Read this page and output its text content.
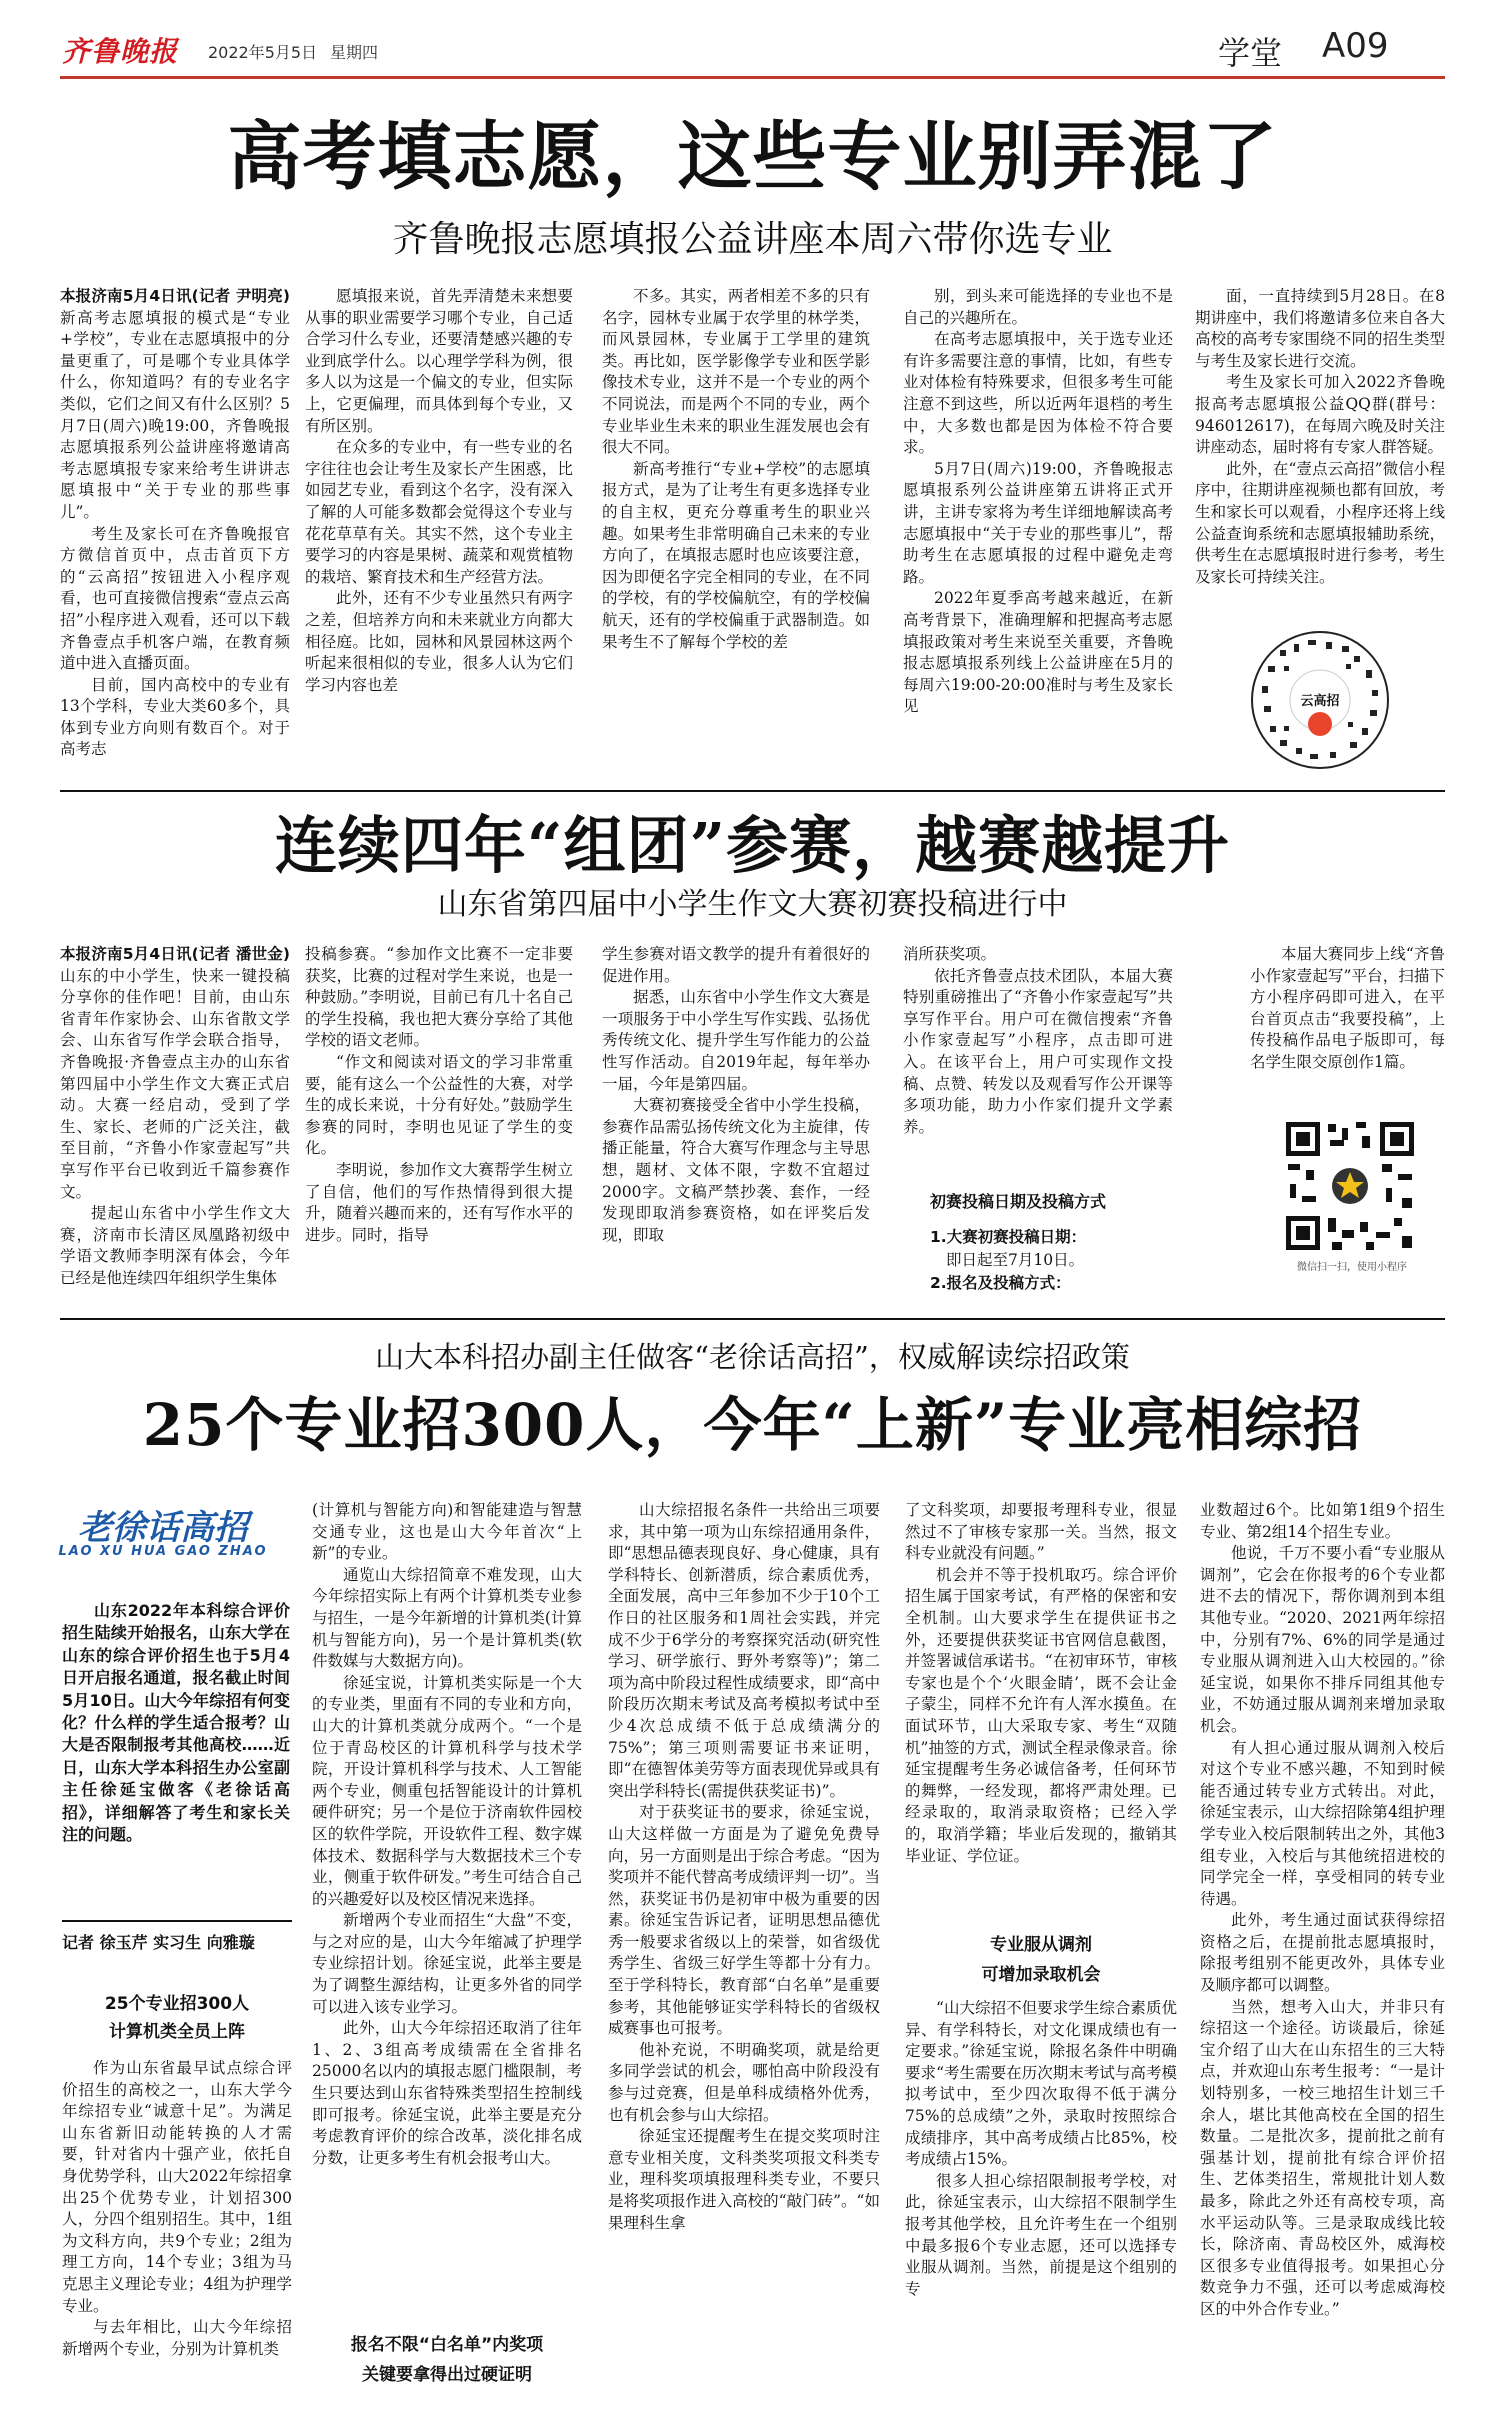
齐鲁晚报 2022年5月5日 星期四	学堂 A09
高考填志愿，这些专业别弄混了
齐鲁晚报志愿填报公益讲座本周六带你选专业

本报济南5月4日讯(记者 尹明亮)新高考志愿填报的模式是“专业+学校”，专业在志愿填报中的分量更重了，可是哪个专业具体学什么，你知道吗？有的专业名字类似，它们之间又有什么区别？5月7日(周六)晚19:00，齐鲁晚报志愿填报系列公益讲座将邀请高考志愿填报专家来给考生讲讲志愿填报中“关于专业的那些事儿”。

考生及家长可在齐鲁晚报官方微信首页中，点击首页下方的“云高招”按钮进入小程序观看，也可直接微信搜索“壹点云高招”小程序进入观看，还可以下载齐鲁壹点手机客户端，在教育频道中进入直播页面。

目前，国内高校中的专业有13个学科，专业大类60多个，具体到专业方向则有数百个。对于高考志

愿填报来说，首先弄清楚未来想要从事的职业需要学习哪个专业，自己适合学习什么专业，还要清楚感兴趣的专业到底学什么。以心理学学科为例，很多人以为这是一个偏文的专业，但实际上，它更偏理，而具体到每个专业，又有所区别。

在众多的专业中，有一些专业的名字往往也会让考生及家长产生困惑，比如园艺专业，看到这个名字，没有深入了解的人可能多数都会觉得这个专业与花花草草有关。其实不然，这个专业主要学习的内容是果树、蔬菜和观赏植物的栽培、繁育技术和生产经营方法。

此外，还有不少专业虽然只有两字之差，但培养方向和未来就业方向都大相径庭。比如，园林和风景园林这两个听起来很相似的专业，很多人认为它们学习内容也差

不多。其实，两者相差不多的只有名字，园林专业属于农学里的林学类，而风景园林，专业属于工学里的建筑类。再比如，医学影像学专业和医学影像技术专业，这并不是一个专业的两个不同说法，而是两个不同的专业，两个专业毕业生未来的职业生涯发展也会有很大不同。

新高考推行“专业+学校”的志愿填报方式，是为了让考生有更多选择专业的自主权，更充分尊重考生的职业兴趣。如果考生非常明确自己未来的专业方向了，在填报志愿时也应该要注意，因为即便名字完全相同的专业，在不同的学校，有的学校偏航空，有的学校偏航天，还有的学校偏重于武器制造。如果考生不了解每个学校的差

别，到头来可能选择的专业也不是自己的兴趣所在。

在高考志愿填报中，关于选专业还有许多需要注意的事情，比如，有些专业对体检有特殊要求，但很多考生可能注意不到这些，所以近两年退档的考生中，大多数也都是因为体检不符合要求。

5月7日(周六)19:00，齐鲁晚报志愿填报系列公益讲座第五讲将正式开讲，主讲专家将为考生详细地解读高考志愿填报中“关于专业的那些事儿”，帮助考生在志愿填报的过程中避免走弯路。

2022年夏季高考越来越近，在新高考背景下，准确理解和把握高考志愿填报政策对考生来说至关重要，齐鲁晚报志愿填报系列线上公益讲座在5月的每周六19:00-20:00准时与考生及家长见

面，一直持续到5月28日。在8期讲座中，我们将邀请多位来自各大高校的高考专家围绕不同的招生类型与考生及家长进行交流。

考生及家长可加入2022齐鲁晚报高考志愿填报公益QQ群(群号：946012617)，在每周六晚及时关注讲座动态，届时将有专家人群答疑。

此外，在“壹点云高招”微信小程序中，往期讲座视频也都有回放，考生和家长可以观看，小程序还将上线公益查询系统和志愿填报辅助系统，供考生在志愿填报时进行参考，考生及家长可持续关注。

云高招
连续四年“组团”参赛，越赛越提升
山东省第四届中小学生作文大赛初赛投稿进行中

本报济南5月4日讯(记者 潘世金)山东的中小学生，快来一键投稿分享你的佳作吧！目前，由山东省青年作家协会、山东省散文学会、山东省写作学会联合指导，齐鲁晚报·齐鲁壹点主办的山东省第四届中小学生作文大赛正式启动。大赛一经启动，受到了学生、家长、老师的广泛关注，截至目前，“齐鲁小作家壹起写”共享写作平台已收到近千篇参赛作文。

提起山东省中小学生作文大赛，济南市长清区凤凰路初级中学语文教师李明深有体会，今年已经是他连续四年组织学生集体

投稿参赛。“参加作文比赛不一定非要获奖，比赛的过程对学生来说，也是一种鼓励。”李明说，目前已有几十名自己的学生投稿，我也把大赛分享给了其他学校的语文老师。

“作文和阅读对语文的学习非常重要，能有这么一个公益性的大赛，对学生的成长来说，十分有好处。”鼓励学生参赛的同时，李明也见证了学生的变化。

李明说，参加作文大赛帮学生树立了自信，他们的写作热情得到很大提升，随着兴趣而来的，还有写作水平的进步。同时，指导

学生参赛对语文教学的提升有着很好的促进作用。

据悉，山东省中小学生作文大赛是一项服务于中小学生写作实践、弘扬优秀传统文化、提升学生写作能力的公益性写作活动。自2019年起，每年举办一届，今年是第四届。

大赛初赛接受全省中小学生投稿，参赛作品需弘扬传统文化为主旋律，传播正能量，符合大赛写作理念与主导思想，题材、文体不限，字数不宜超过2000字。文稿严禁抄袭、套作，一经发现即取消参赛资格，如在评奖后发现，即取

消所获奖项。

依托齐鲁壹点技术团队，本届大赛特别重磅推出了“齐鲁小作家壹起写”共享写作平台。用户可在微信搜索“齐鲁小作家壹起写”小程序，点击即可进入。在该平台上，用户可实现作文投稿、点赞、转发以及观看写作公开课等多项功能，助力小作家们提升文学素养。

初赛投稿日期及投稿方式
1.大赛初赛投稿日期：
即日起至7月10日。
2.报名及投稿方式：

本届大赛同步上线“齐鲁小作家壹起写”平台，扫描下方小程序码即可进入，在平台首页点击“我要投稿”，上传投稿作品电子版即可，每名学生限交原创作1篇。

微信扫一扫，使用小程序
山大本科招办副主任做客“老徐话高招”，权威解读综招政策
25个专业招300人，今年“上新”专业亮相综招
老徐话高招
LAO XU HUA GAO ZHAO
山东2022年本科综合评价招生陆续开始报名，山东大学在山东的综合评价招生也于5月4日开启报名通道，报名截止时间5月10日。山大今年综招有何变化？什么样的学生适合报考？山大是否限制报考其他高校……近日，山东大学本科招生办公室副主任徐延宝做客《老徐话高招》，详细解答了考生和家长关注的问题。
记者 徐玉芹 实习生 向雅璇
25个专业招300人
计算机类全员上阵

作为山东省最早试点综合评价招生的高校之一，山东大学今年综招专业“诚意十足”。为满足山东省新旧动能转换的人才需要，针对省内十强产业，依托自身优势学科，山大2022年综招拿出25个优势专业，计划招300人，分四个组别招生。其中，1组为文科方向，共9个专业；2组为理工方向，14个专业；3组为马克思主义理论专业；4组为护理学专业。

与去年相比，山大今年综招新增两个专业，分别为计算机类

(计算机与智能方向)和智能建造与智慧交通专业，这也是山大今年首次“上新”的专业。

通览山大综招简章不难发现，山大今年综招实际上有两个计算机类专业参与招生，一是今年新增的计算机类(计算机与智能方向)，另一个是计算机类(软件数媒与大数据方向)。

徐延宝说，计算机类实际是一个大的专业类，里面有不同的专业和方向，山大的计算机类就分成两个。“一个是位于青岛校区的计算机科学与技术学院，开设计算机科学与技术、人工智能两个专业，侧重包括智能设计的计算机硬件研究；另一个是位于济南软件园校区的软件学院，开设软件工程、数字媒体技术、数据科学与大数据技术三个专业，侧重于软件研发。”考生可结合自己的兴趣爱好以及校区情况来选择。

新增两个专业而招生“大盘”不变，与之对应的是，山大今年缩减了护理学专业综招计划。徐延宝说，此举主要是为了调整生源结构，让更多外省的同学可以进入该专业学习。

此外，山大今年综招还取消了往年1、2、3组高考成绩需在全省排名25000名以内的填报志愿门槛限制，考生只要达到山东省特殊类型招生控制线即可报考。徐延宝说，此举主要是充分考虑教育评价的综合改革，淡化排名成分数，让更多考生有机会报考山大。

报名不限“白名单”内奖项
关键要拿得出过硬证明

山大综招报名条件一共给出三项要求，其中第一项为山东综招通用条件，即“思想品德表现良好、身心健康，具有学科特长、创新潜质，综合素质优秀，全面发展，高中三年参加不少于10个工作日的社区服务和1周社会实践，并完成不少于6学分的考察探究活动(研究性学习、研学旅行、野外考察等)”；第二项为高中阶段过程性成绩要求，即“高中阶段历次期末考试及高考模拟考试中至少4次总成绩不低于总成绩满分的75%”；第三项则需要证书来证明，即“在德智体美劳等方面表现优异或具有突出学科特长(需提供获奖证书)”。

对于获奖证书的要求，徐延宝说，山大这样做一方面是为了避免免费导向，另一方面则是出于综合考虑。“因为奖项并不能代替高考成绩评判一切”。当然，获奖证书仍是初审中极为重要的因素。徐延宝告诉记者，证明思想品德优秀一般要求省级以上的荣誉，如省级优秀学生、省级三好学生等都十分有力。至于学科特长，教育部“白名单”是重要参考，其他能够证实学科特长的省级权威赛事也可报考。

他补充说，不明确奖项，就是给更多同学尝试的机会，哪怕高中阶段没有参与过竞赛，但是单科成绩格外优秀，也有机会参与山大综招。

徐延宝还提醒考生在提交奖项时注意专业相关度，文科类奖项报文科类专业，理科奖项填报理科类专业，不要只是将奖项报作进入高校的“敲门砖”。“如果理科生拿

了文科奖项，却要报考理科专业，很显然过不了审核专家那一关。当然，报文科专业就没有问题。”

机会并不等于投机取巧。综合评价招生属于国家考试，有严格的保密和安全机制。山大要求学生在提供证书之外，还要提供获奖证书官网信息截图，并签署诚信承诺书。“在初审环节，审核专家也是个个‘火眼金睛’，既不会让金子蒙尘，同样不允许有人浑水摸鱼。在面试环节，山大采取专家、考生“双随机”抽签的方式，测试全程录像录音。徐延宝提醒考生务必诚信备考，任何环节的舞弊，一经发现，都将严肃处理。已经录取的，取消录取资格；已经入学的，取消学籍；毕业后发现的，撤销其毕业证、学位证。

专业服从调剂
可增加录取机会

“山大综招不但要求学生综合素质优异、有学科特长，对文化课成绩也有一定要求。”徐延宝说，除报名条件中明确要求“考生需要在历次期末考试与高考模拟考试中，至少四次取得不低于满分75%的总成绩”之外，录取时按照综合成绩排序，其中高考成绩占比85%，校考成绩占15%。

很多人担心综招限制报考学校，对此，徐延宝表示，山大综招不限制学生报考其他学校，且允许考生在一个组别中最多报6个专业志愿，还可以选择专业服从调剂。当然，前提是这个组别的专

业数超过6个。比如第1组9个招生专业、第2组14个招生专业。

他说，千万不要小看“专业服从调剂”，它会在你报考的6个专业都进不去的情况下，帮你调剂到本组其他专业。“2020、2021两年综招中，分别有7%、6%的同学是通过专业服从调剂进入山大校园的。”徐延宝说，如果你不排斥同组其他专业，不妨通过服从调剂来增加录取机会。

有人担心通过服从调剂入校后对这个专业不感兴趣，不知到时候能否通过转专业方式转出。对此，徐延宝表示，山大综招除第4组护理学专业入校后限制转出之外，其他3组专业，入校后与其他统招进校的同学完全一样，享受相同的转专业待遇。

此外，考生通过面试获得综招资格之后，在提前批志愿填报时，除报考组别不能更改外，具体专业及顺序都可以调整。

当然，想考入山大，并非只有综招这一个途径。访谈最后，徐延宝介绍了山大在山东招生的三大特点，并欢迎山东考生报考：“一是计划特别多，一校三地招生计划三千余人，堪比其他高校在全国的招生数量。二是批次多，提前批之前有强基计划，提前批有综合评价招生、艺体类招生，常规批计划人数最多，除此之外还有高校专项，高水平运动队等。三是录取成线比较长，除济南、青岛校区外，威海校区很多专业值得报考。如果担心分数竞争力不强，还可以考虑威海校区的中外合作专业。”
